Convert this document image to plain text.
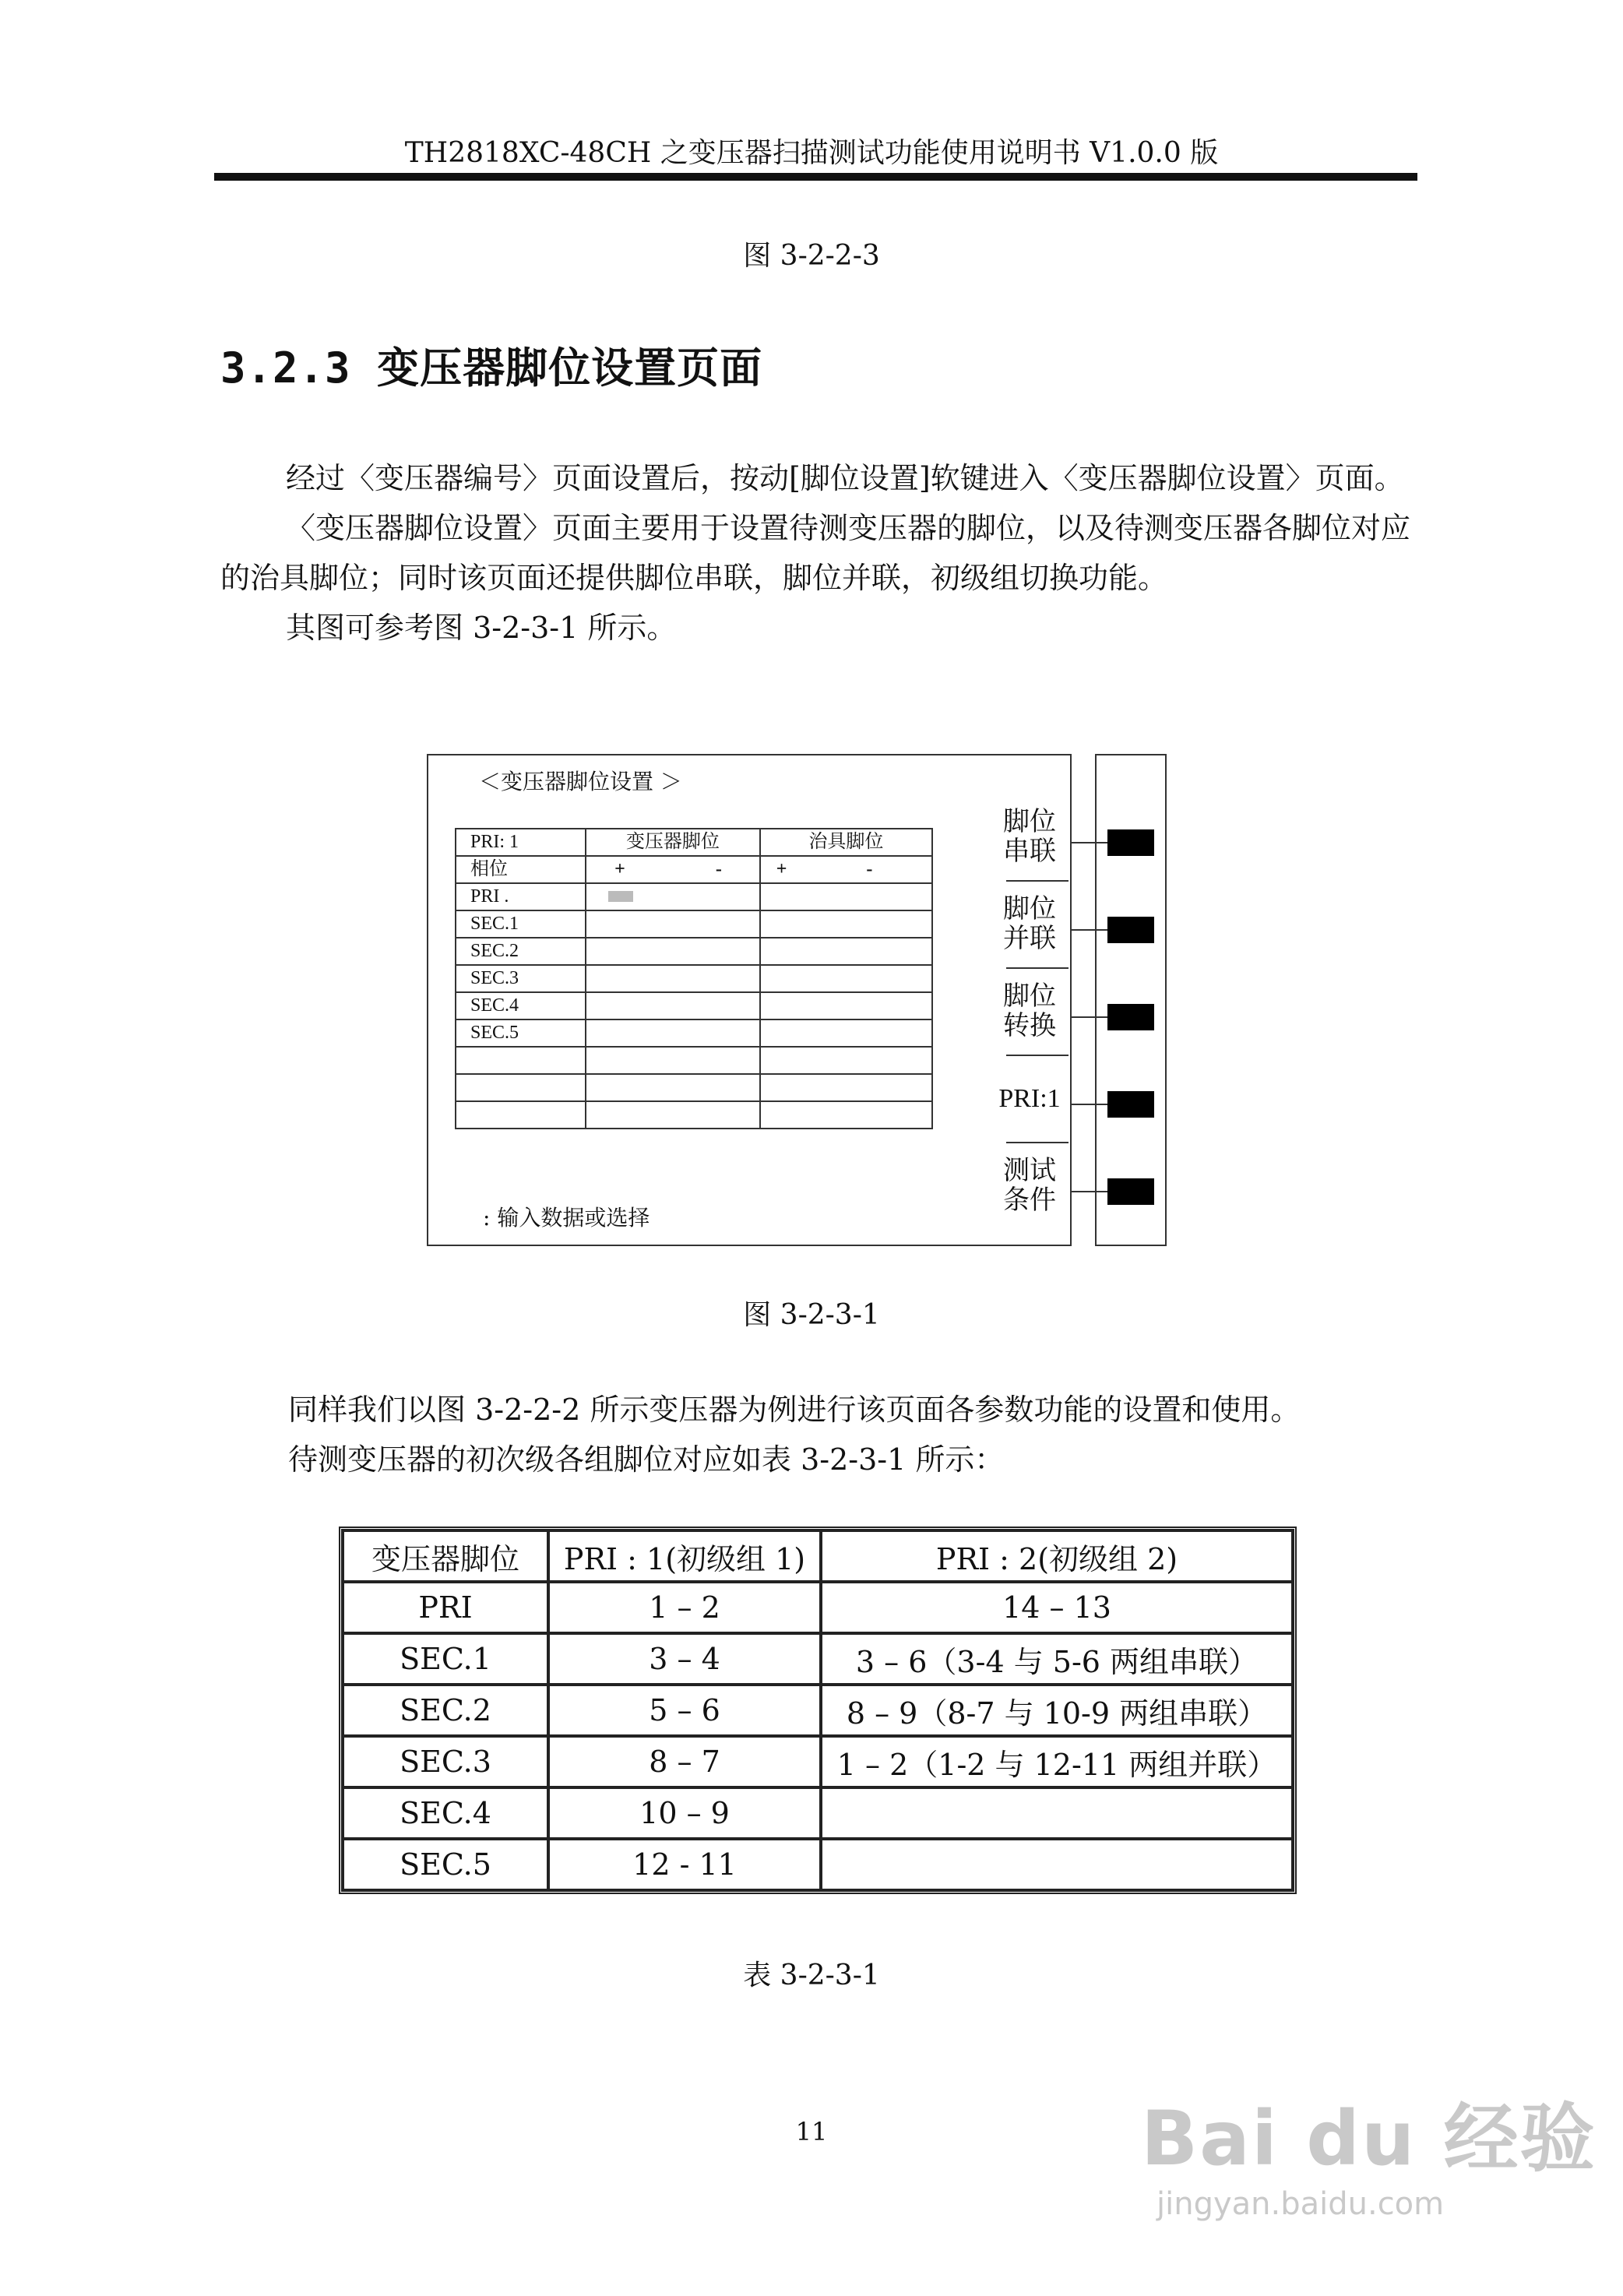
TH2818XC-48CH 之变压器扫描测试功能使用说明书 V1.0.0 版
图 3-2-2-3
3.2.3 变压器脚位设置页面

经过〈变压器编号〉页面设置后，按动[脚位设置]软键进入〈变压器脚位设置〉页面。

〈变压器脚位设置〉页面主要用于设置待测变压器的脚位，以及待测变压器各脚位对应的治具脚位；同时该页面还提供脚位串联，脚位并联，初级组切换功能。

其图可参考图 3-2-3-1 所示。

＜变压器脚位设置 ＞
PRI: 1	变压器脚位	治具脚位
相位	+ -	+ -
PRI .		
SEC.1		
SEC.2		
SEC.3		
SEC.4		
SEC.5		

: 输入数据或选择
脚位
串联
脚位
并联
脚位
转换
PRI:1
测试
条件
图 3-2-3-1

同样我们以图 3-2-2-2 所示变压器为例进行该页面各参数功能的设置和使用。

待测变压器的初次级各组脚位对应如表 3-2-3-1 所示：

变压器脚位	PRI : 1(初级组 1)	PRI : 2(初级组 2)
PRI	1 – 2	14 – 13
SEC.1	3 – 4	3 – 6（3-4 与 5-6 两组串联）
SEC.2	5 – 6	8 – 9（8-7 与 10-9 两组串联）
SEC.3	8 – 7	1 – 2（1-2 与 12-11 两组并联）
SEC.4	10 – 9	
SEC.5	12 - 11	
表 3-2-3-1
11	Bai du 经验
jingyan.baidu.com
